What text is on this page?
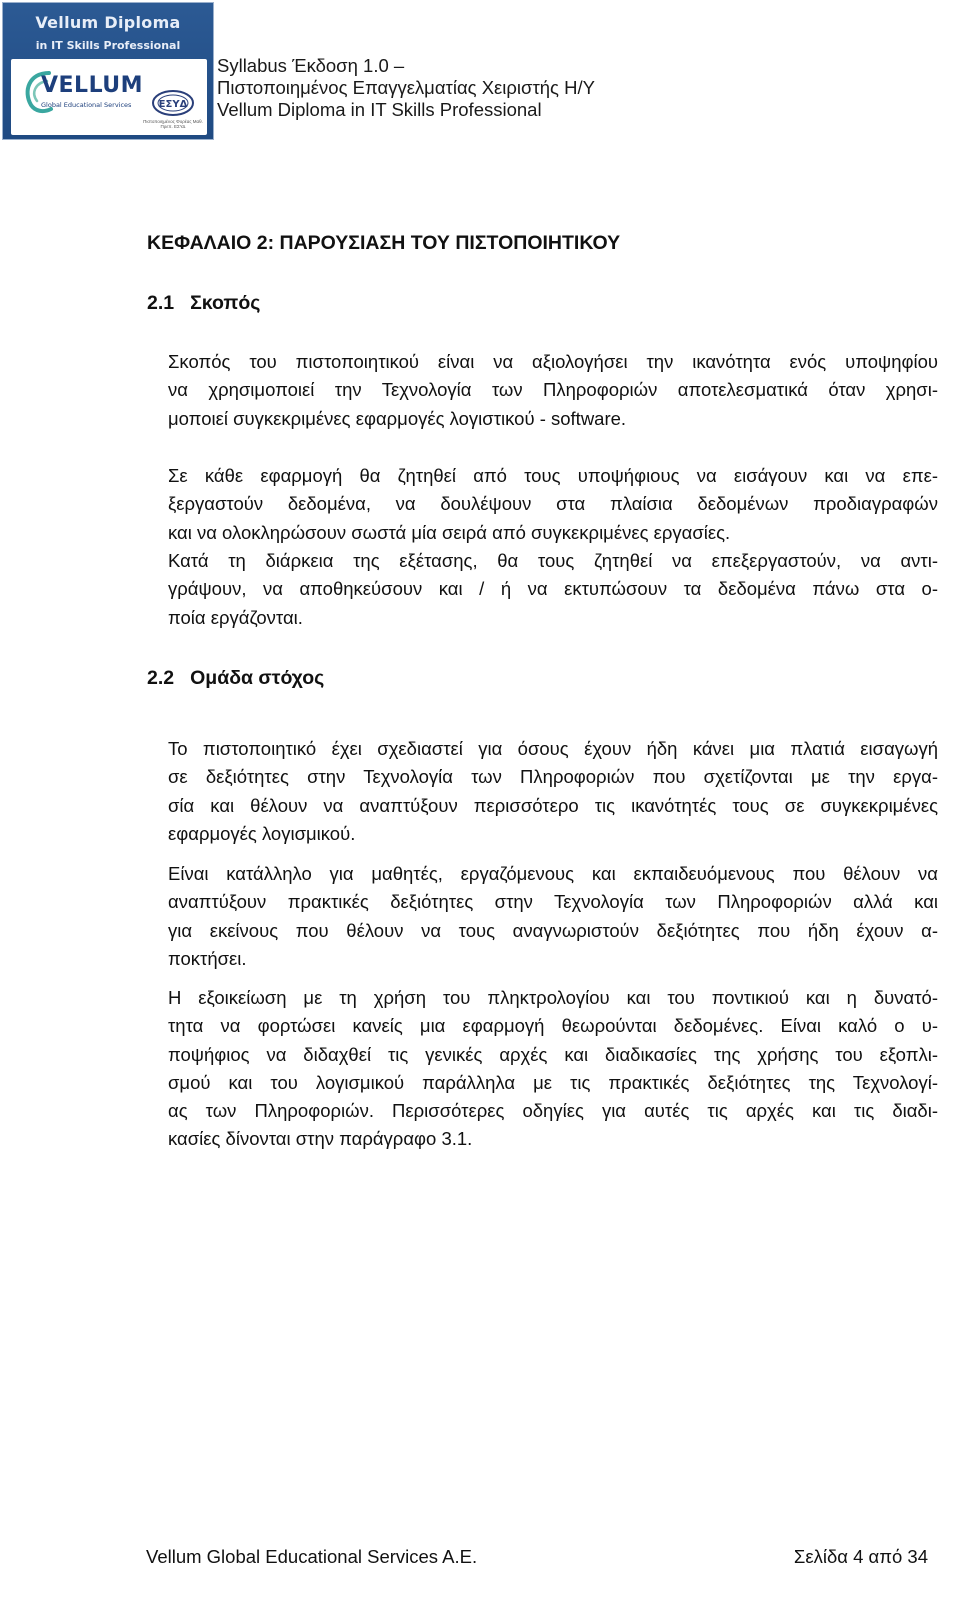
Vellum Diploma
in IT Skills Professional
VELLUM
Global Educational Services	ΕΣΥΔ
Πιστοποιημένος Φορέας Μαθ. Πρεπ. ΕΣΥΔ
Syllabus Έκδοση 1.0 –
Πιστοποιημένος Επαγγελματίας Χειριστής Η/Υ
Vellum Diploma in IT Skills Professional
ΚΕΦΑΛΑΙΟ 2: ΠΑΡΟΥΣΙΑΣΗ ΤΟΥ ΠΙΣΤΟΠΟΙΗΤΙΚΟΥ
2.1 Σκοπός
Σκοπός του πιστοποιητικού είναι να αξιολογήσει την ικανότητα ενός υποψηφίου
να χρησιμοποιεί την Τεχνολογία των Πληροφοριών αποτελεσματικά όταν χρησι-
μοποιεί συγκεκριμένες εφαρμογές λογιστικού - software.
Σε κάθε εφαρμογή θα ζητηθεί από τους υποψήφιους να εισάγουν και να επε-
ξεργαστούν δεδομένα, να δουλέψουν στα πλαίσια δεδομένων προδιαγραφών
και να ολοκληρώσουν σωστά μία σειρά από συγκεκριμένες εργασίες.
Κατά τη διάρκεια της εξέτασης, θα τους ζητηθεί να επεξεργαστούν, να αντι-
γράψουν, να αποθηκεύσουν και / ή να εκτυπώσουν τα δεδομένα πάνω στα ο-
ποία εργάζονται.
2.2 Ομάδα στόχος
Το πιστοποιητικό έχει σχεδιαστεί για όσους έχουν ήδη κάνει μια πλατιά εισαγωγή
σε δεξιότητες στην Τεχνολογία των Πληροφοριών που σχετίζονται με την εργα-
σία και θέλουν να αναπτύξουν περισσότερο τις ικανότητές τους σε συγκεκριμένες
εφαρμογές λογισμικού.
Είναι κατάλληλο για μαθητές, εργαζόμενους και εκπαιδευόμενους που θέλουν να
αναπτύξουν πρακτικές δεξιότητες στην Τεχνολογία των Πληροφοριών αλλά και
για εκείνους που θέλουν να τους αναγνωριστούν δεξιότητες που ήδη έχουν α-
ποκτήσει.
Η εξοικείωση με τη χρήση του πληκτρολογίου και του ποντικιού και η δυνατό-
τητα να φορτώσει κανείς μια εφαρμογή θεωρούνται δεδομένες. Είναι καλό ο υ-
ποψήφιος να διδαχθεί τις γενικές αρχές και διαδικασίες της χρήσης του εξοπλι-
σμού και του λογισμικού παράλληλα με τις πρακτικές δεξιότητες της Τεχνολογί-
ας των Πληροφοριών. Περισσότερες οδηγίες για αυτές τις αρχές και τις διαδι-
κασίες δίνονται στην παράγραφο 3.1.
Vellum Global Educational Services A.E.	Σελίδα 4 από 34
